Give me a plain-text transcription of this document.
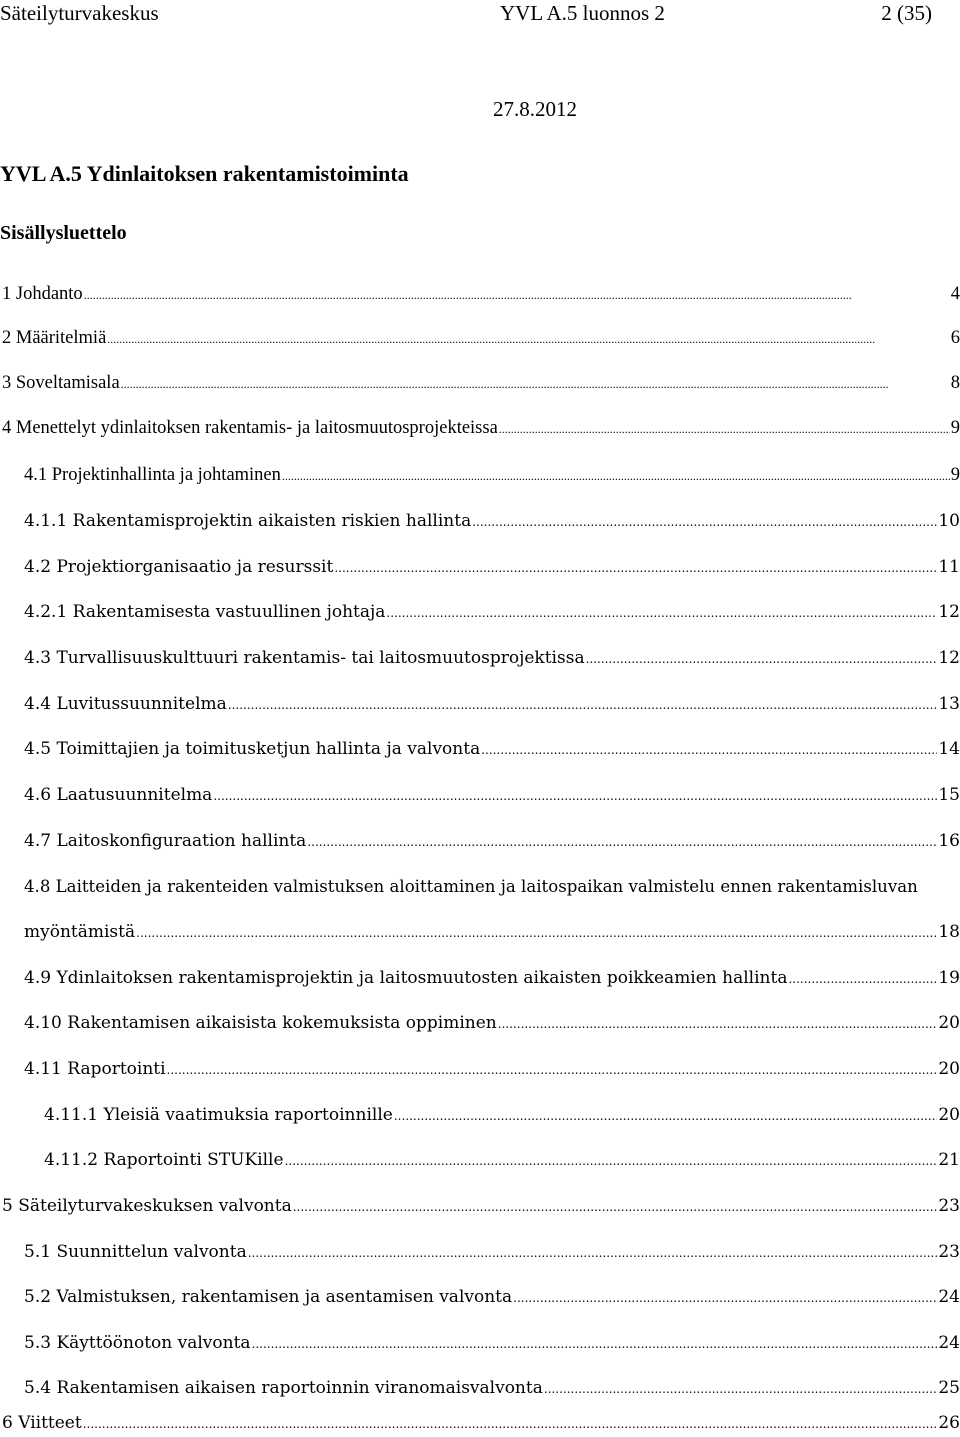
Säteilyturvakeskus	YVL A.5 luonnos 2	2 (35)
27.8.2012
YVL A.5 Ydinlaitoksen rakentamistoiminta
Sisällysluettelo
1 Johdanto .....	4
2 Määritelmiä .....	6
3 Soveltamisala .....	8
4 Menettelyt ydinlaitoksen rakentamis- ja laitosmuutosprojekteissa .....	9
4.1 Projektinhallinta ja johtaminen .....	9
4.1.1 Rakentamisprojektin aikaisten riskien hallinta .....	10
4.2 Projektiorganisaatio ja resurssit .....	11
4.2.1 Rakentamisesta vastuullinen johtaja .....	12
4.3 Turvallisuuskulttuuri rakentamis- tai laitosmuutosprojektissa .....	12
4.4 Luvitussuunnitelma .....	13
4.5 Toimittajien ja toimitusketjun hallinta ja valvonta .....	14
4.6 Laatusuunnitelma .....	15
4.7 Laitoskonfiguraation hallinta .....	16
4.8 Laitteiden ja rakenteiden valmistuksen aloittaminen ja laitospaikan valmistelu ennen rakentamisluvan
myöntämistä .....	18
4.9 Ydinlaitoksen rakentamisprojektin ja laitosmuutosten aikaisten poikkeamien hallinta .....	19
4.10 Rakentamisen aikaisista kokemuksista oppiminen .....	20
4.11 Raportointi .....	20
4.11.1 Yleisiä vaatimuksia raportoinnille .....	20
4.11.2 Raportointi STUKille .....	21
5 Säteilyturvakeskuksen valvonta .....	23
5.1 Suunnittelun valvonta .....	23
5.2 Valmistuksen, rakentamisen ja asentamisen valvonta .....	24
5.3 Käyttöönoton valvonta .....	24
5.4 Rakentamisen aikaisen raportoinnin viranomaisvalvonta .....	25
6 Viitteet .....	26
